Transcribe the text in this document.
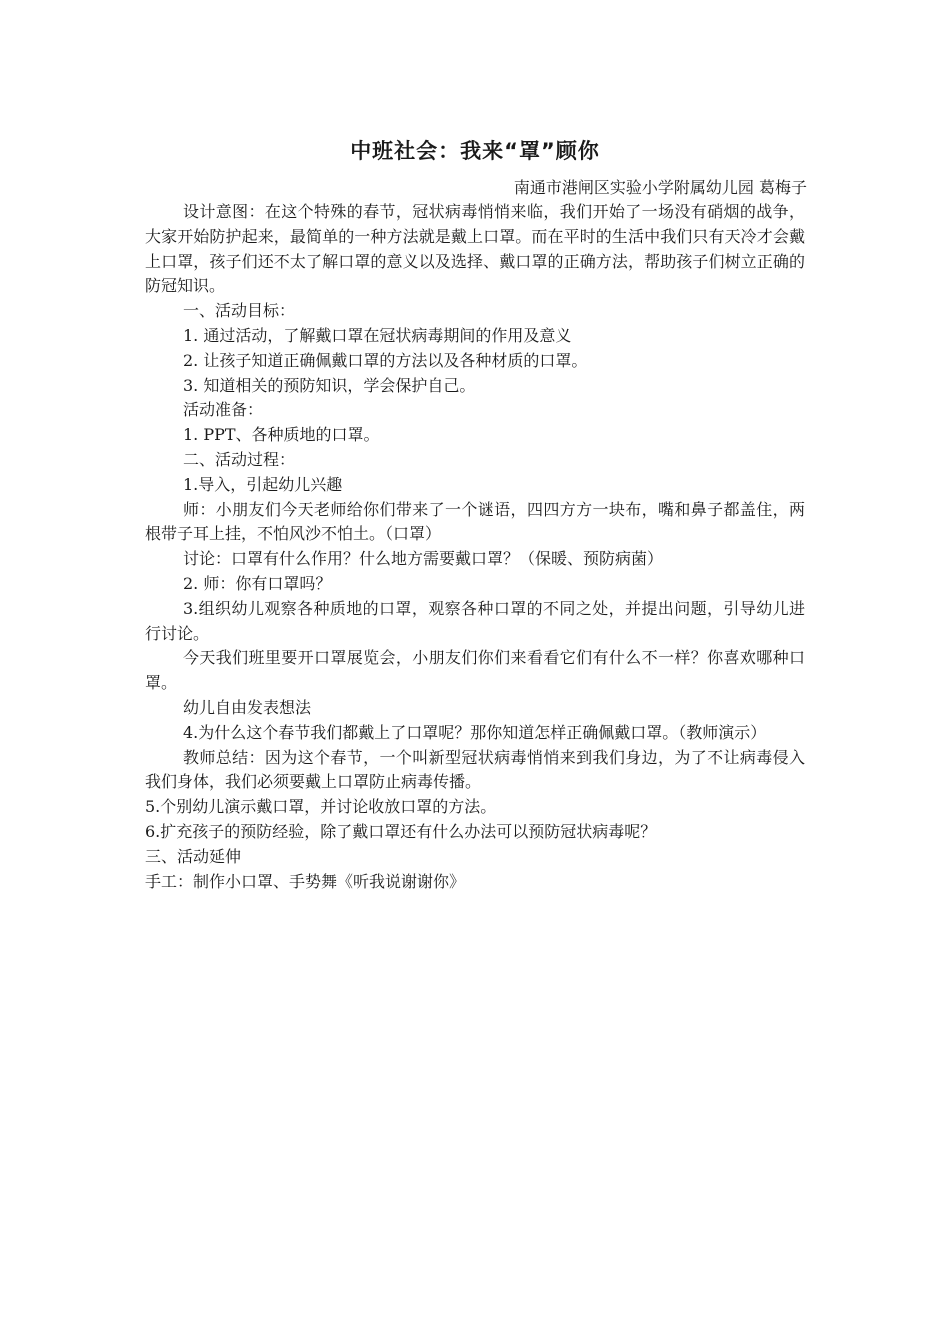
中班社会：我来“罩”顾你
南通市港闸区实验小学附属幼儿园 葛梅子

设计意图：在这个特殊的春节，冠状病毒悄悄来临，我们开始了一场没有硝烟的战争，大家开始防护起来，最简单的一种方法就是戴上口罩。而在平时的生活中我们只有天冷才会戴上口罩，孩子们还不太了解口罩的意义以及选择、戴口罩的正确方法，帮助孩子们树立正确的防冠知识。

一、活动目标：

1. 通过活动，了解戴口罩在冠状病毒期间的作用及意义

2. 让孩子知道正确佩戴口罩的方法以及各种材质的口罩。

3. 知道相关的预防知识，学会保护自己。

活动准备：

1. PPT、各种质地的口罩。

二、活动过程：

1.导入，引起幼儿兴趣

师：小朋友们今天老师给你们带来了一个谜语，四四方方一块布，嘴和鼻子都盖住，两根带子耳上挂，不怕风沙不怕土。（口罩）

讨论：口罩有什么作用？什么地方需要戴口罩？（保暖、预防病菌）

2. 师：你有口罩吗？

3.组织幼儿观察各种质地的口罩，观察各种口罩的不同之处，并提出问题，引导幼儿进行讨论。

今天我们班里要开口罩展览会，小朋友们你们来看看它们有什么不一样？你喜欢哪种口罩。

幼儿自由发表想法

4.为什么这个春节我们都戴上了口罩呢？那你知道怎样正确佩戴口罩。（教师演示）

教师总结：因为这个春节，一个叫新型冠状病毒悄悄来到我们身边，为了不让病毒侵入我们身体，我们必须要戴上口罩防止病毒传播。

5.个别幼儿演示戴口罩，并讨论收放口罩的方法。

6.扩充孩子的预防经验，除了戴口罩还有什么办法可以预防冠状病毒呢？

三、活动延伸

手工：制作小口罩、手势舞《听我说谢谢你》
